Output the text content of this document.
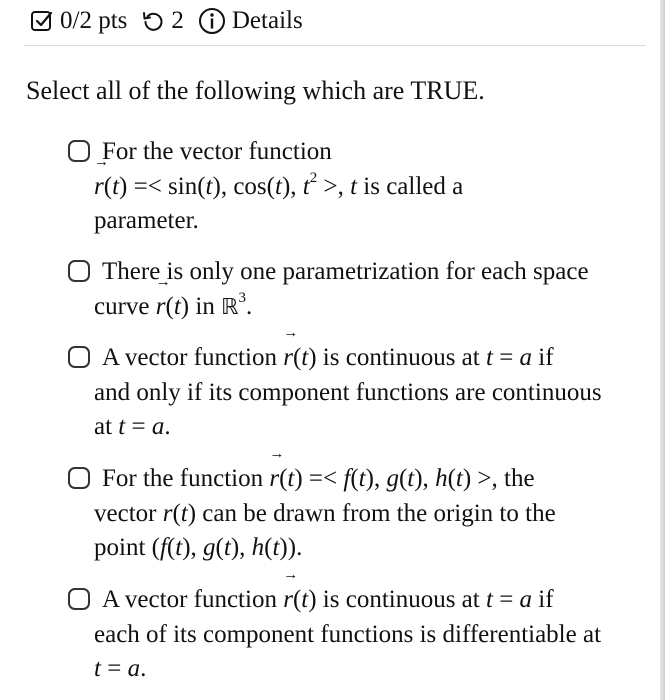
0/2 pts 2 Details
Select all of the following which are TRUE.
For the vector function
→ r(t) =< sin(t), cos(t), $t^2$ >, t is called a
parameter.
There is only one parametrization for each space
curve → r(t) in ℝ$^3$.
A vector function → r(t) is continuous at t = a if
and only if its component functions are continuous
at t = a.
For the function → r(t) =< f(t), g(t), h(t) >, the
vector r(t) can be drawn from the origin to the
point (f(t), g(t), h(t)).
A vector function → r(t) is continuous at t = a if
each of its component functions is differentiable at
t = a.
